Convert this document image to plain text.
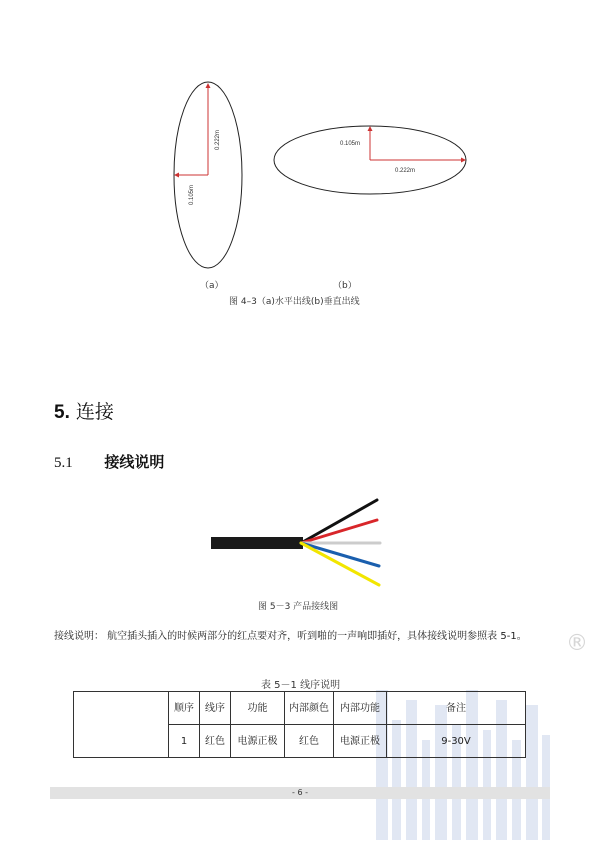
0.222m
0.105m
0.105m
0.222m
（a）	（b）
图 4–3（a)水平出线(b)垂直出线
5. 连接
5.1 接线说明
图 5－3 产品接线图
接线说明： 航空插头插入的时候两部分的红点要对齐，听到啪的一声响即插好，具体接线说明参照表 5-1。	®
表 5－1 线序说明
	顺序	线序	功能	内部颜色	内部功能	备注
	1	红色	电源正极	红色	电源正极	9-30V
- 6 -
